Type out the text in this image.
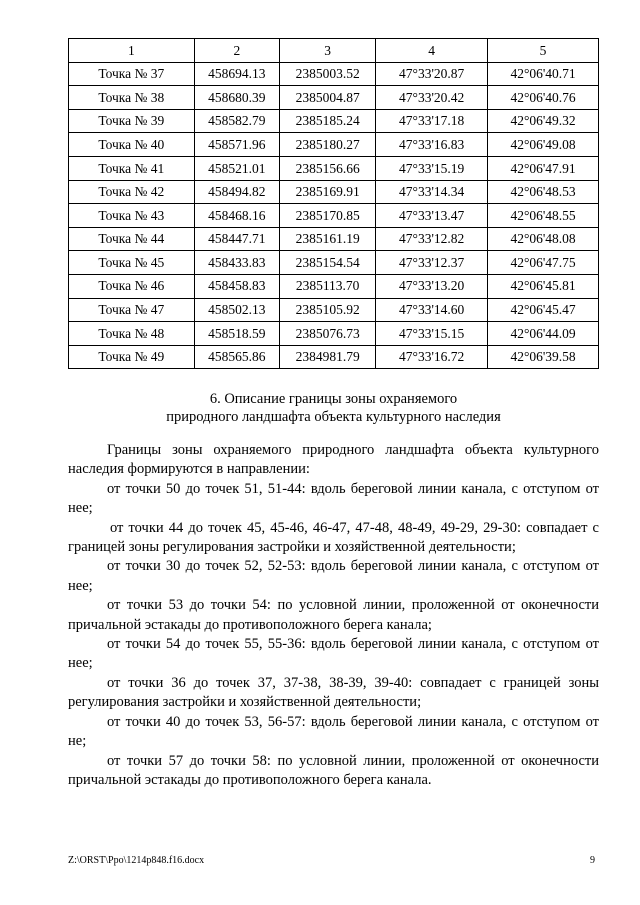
1	2	3	4	5
Точка № 37	458694.13	2385003.52	47°33'20.87	42°06'40.71
Точка № 38	458680.39	2385004.87	47°33'20.42	42°06'40.76
Точка № 39	458582.79	2385185.24	47°33'17.18	42°06'49.32
Точка № 40	458571.96	2385180.27	47°33'16.83	42°06'49.08
Точка № 41	458521.01	2385156.66	47°33'15.19	42°06'47.91
Точка № 42	458494.82	2385169.91	47°33'14.34	42°06'48.53
Точка № 43	458468.16	2385170.85	47°33'13.47	42°06'48.55
Точка № 44	458447.71	2385161.19	47°33'12.82	42°06'48.08
Точка № 45	458433.83	2385154.54	47°33'12.37	42°06'47.75
Точка № 46	458458.83	2385113.70	47°33'13.20	42°06'45.81
Точка № 47	458502.13	2385105.92	47°33'14.60	42°06'45.47
Точка № 48	458518.59	2385076.73	47°33'15.15	42°06'44.09
Точка № 49	458565.86	2384981.79	47°33'16.72	42°06'39.58
6. Описание границы зоны охраняемого
природного ландшафта объекта культурного наследия

Границы зоны охраняемого природного ландшафта объекта культурного наследия формируются в направлении:

от точки 50 до точек 51, 51-44: вдоль береговой линии канала, с отступом от нее;

от точки 44 до точек 45, 45-46, 46-47, 47-48, 48-49, 49-29, 29-30: совпадает с границей зоны регулирования застройки и хозяйственной деятельности;

от точки 30 до точек 52, 52-53: вдоль береговой линии канала, с отступом от нее;

от точки 53 до точки 54: по условной линии, проложенной от оконечности причальной эстакады до противоположного берега канала;

от точки 54 до точек 55, 55-36: вдоль береговой линии канала, с отступом от нее;

от точки 36 до точек 37, 37-38, 38-39, 39-40: совпадает с границей зоны регулирования застройки и хозяйственной деятельности;

от точки 40 до точек 53, 56-57: вдоль береговой линии канала, с отступом от не;

от точки 57 до точки 58: по условной линии, проложенной от оконечности причальной эстакады до противоположного берега канала.

Z:\ORST\Ppo\1214p848.f16.docx	9
